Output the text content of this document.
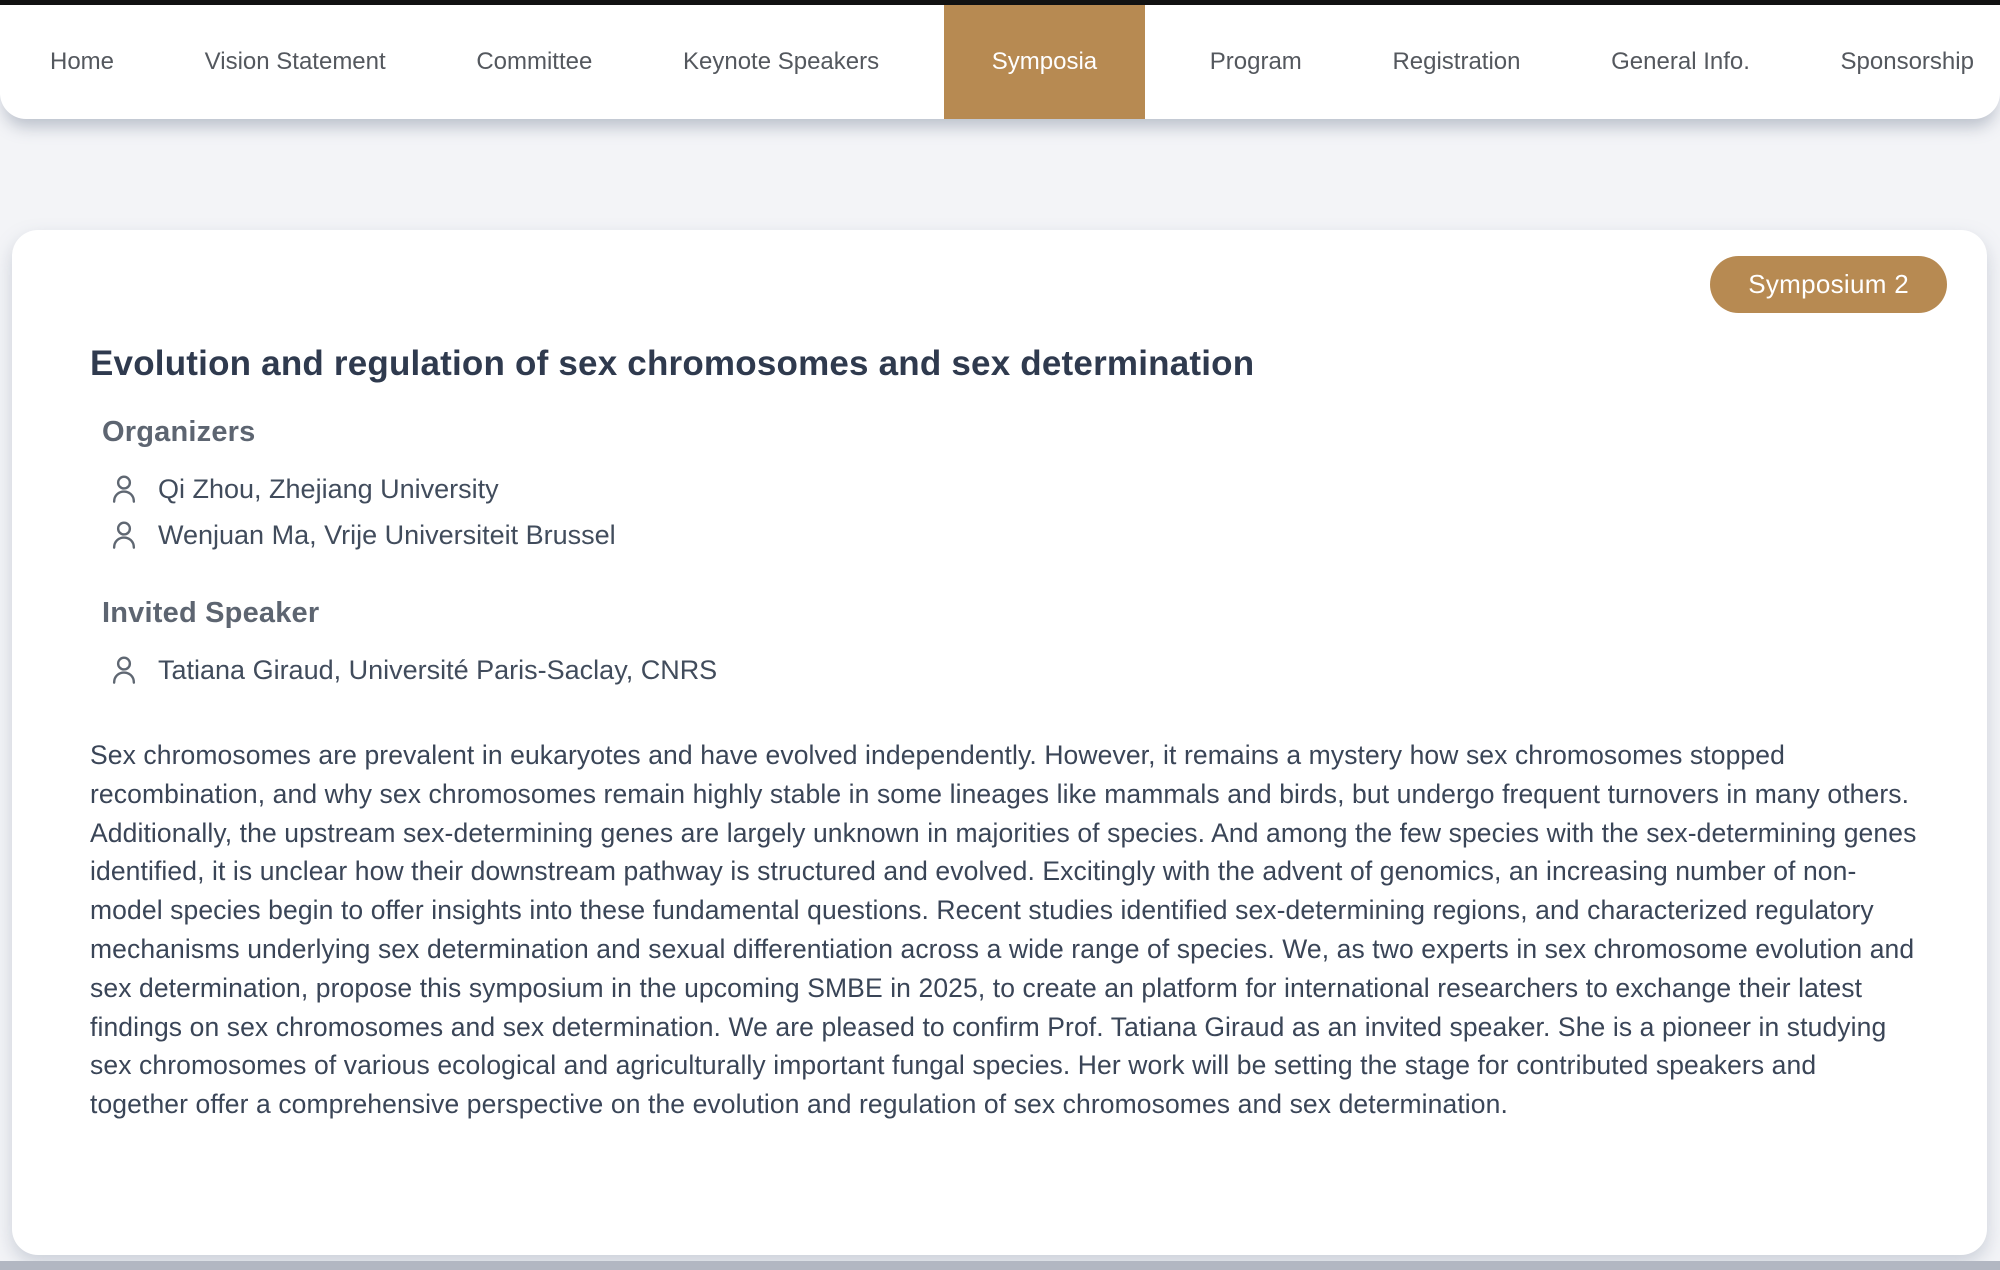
Home	Vision Statement	Committee	Keynote Speakers	Symposia	Program	Registration	General Info.	Sponsorship
Symposium 2
Evolution and regulation of sex chromosomes and sex determination
Organizers
Qi Zhou, Zhejiang University
Wenjuan Ma, Vrije Universiteit Brussel
Invited Speaker
Tatiana Giraud, Université Paris-Saclay, CNRS

Sex chromosomes are prevalent in eukaryotes and have evolved independently. However, it remains a mystery how sex chromosomes stopped recombination, and why sex chromosomes remain highly stable in some lineages like mammals and birds, but undergo frequent turnovers in many others. Additionally, the upstream sex-determining genes are largely unknown in majorities of species. And among the few species with the sex-determining genes identified, it is unclear how their downstream pathway is structured and evolved. Excitingly with the advent of genomics, an increasing number of non-model species begin to offer insights into these fundamental questions. Recent studies identified sex-determining regions, and characterized regulatory mechanisms underlying sex determination and sexual differentiation across a wide range of species. We, as two experts in sex chromosome evolution and sex determination, propose this symposium in the upcoming SMBE in 2025, to create an platform for international researchers to exchange their latest findings on sex chromosomes and sex determination. We are pleased to confirm Prof. Tatiana Giraud as an invited speaker. She is a pioneer in studying sex chromosomes of various ecological and agriculturally important fungal species. Her work will be setting the stage for contributed speakers and together offer a comprehensive perspective on the evolution and regulation of sex chromosomes and sex determination.
